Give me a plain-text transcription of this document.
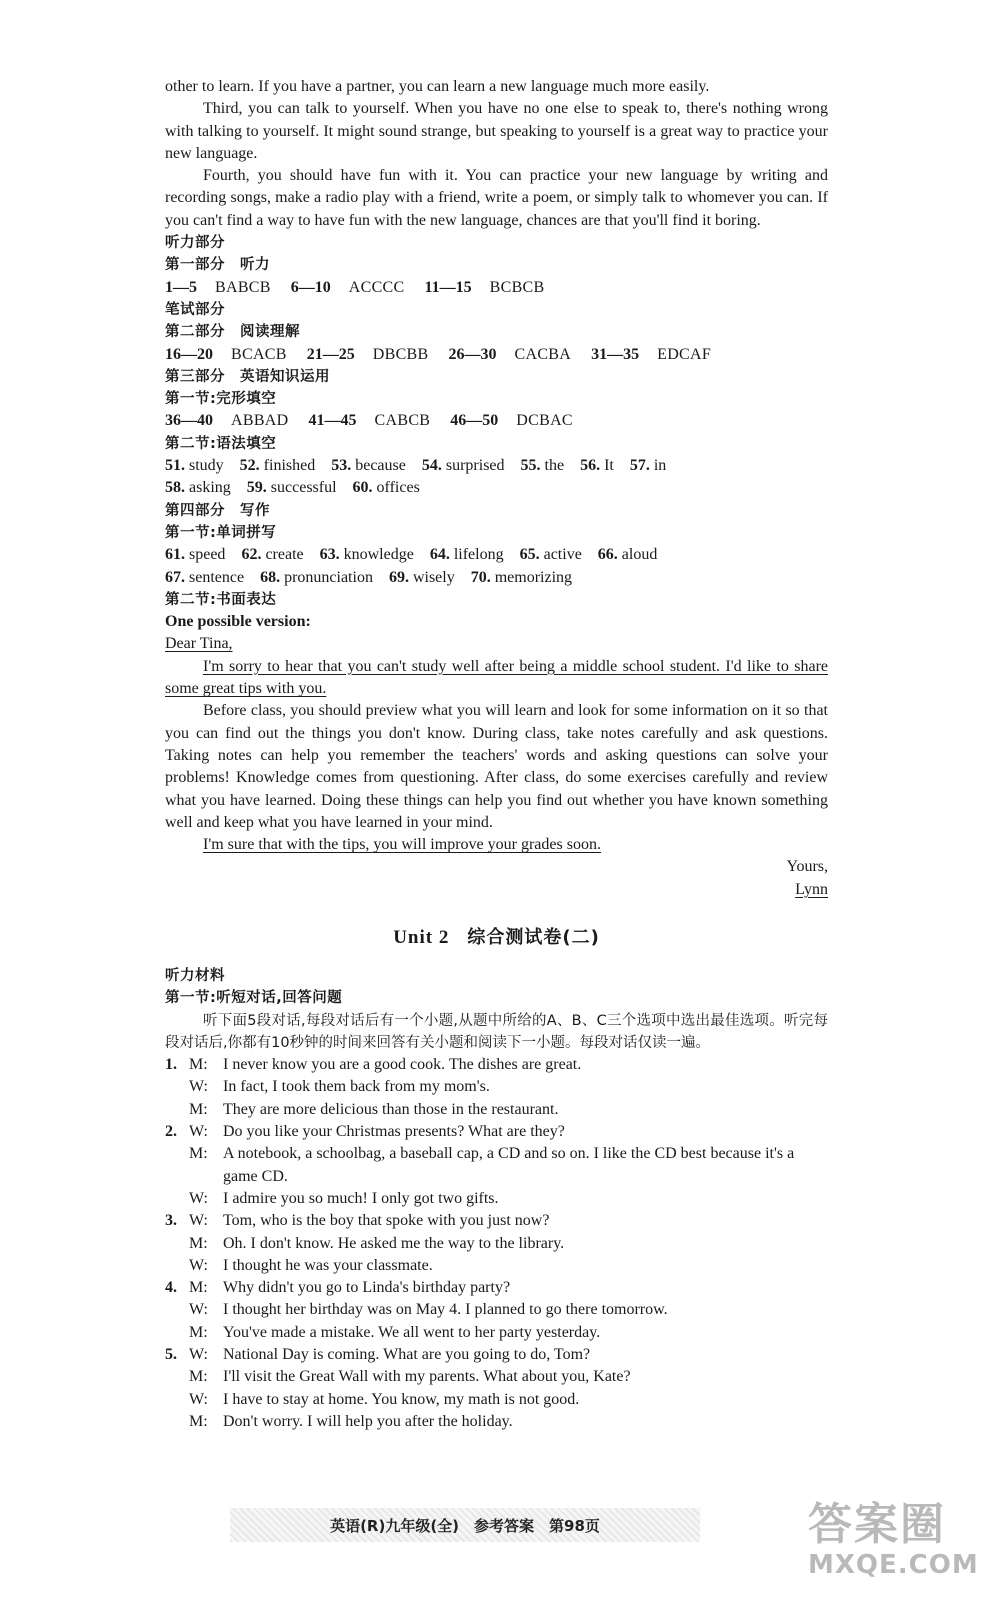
other to learn. If you have a partner, you can learn a new language much more easily.

Third, you can talk to yourself. When you have no one else to speak to, there's nothing wrong with talking to yourself. It might sound strange, but speaking to yourself is a great way to practice your new language.

Fourth, you should have fun with it. You can practice your new language by writing and recording songs, make a radio play with a friend, write a poem, or simply talk to whomever you can. If you can't find a way to have fun with the new language, chances are that you'll find it boring.

听力部分
第一部分　听力
1—5 BABCB 6—10 ACCCC 11—15 BCBCB
笔试部分
第二部分　阅读理解
16—20 BCACB 21—25 DBCBB 26—30 CACBA 31—35 EDCAF
第三部分　英语知识运用
第一节:完形填空
36—40 ABBAD 41—45 CABCB 46—50 DCBAC
第二节:语法填空
51. study 52. finished 53. because 54. surprised 55. the 56. It 57. in
58. asking 59. successful 60. offices
第四部分　写作
第一节:单词拼写
61. speed 62. create 63. knowledge 64. lifelong 65. active 66. aloud
67. sentence 68. pronunciation 69. wisely 70. memorizing
第二节:书面表达
One possible version:

Dear Tina,

I'm sorry to hear that you can't study well after being a middle school student. I'd like to share some great tips with you.

Before class, you should preview what you will learn and look for some information on it so that you can find out the things you don't know. During class, take notes carefully and ask questions. Taking notes can help you remember the teachers' words and asking questions can solve your problems! Knowledge comes from questioning. After class, do some exercises carefully and review what you have learned. Doing these things can help you find out whether you have known something well and keep what you have learned in your mind.

I'm sure that with the tips, you will improve your grades soon.

Yours,

Lynn

Unit 2 综合测试卷(二)
听力材料
第一节:听短对话,回答问题
听下面5段对话,每段对话后有一个小题,从题中所给的A、B、C三个选项中选出最佳选项。听完每段对话后,你都有10秒钟的时间来回答有关小题和阅读下一小题。每段对话仅读一遍。
1. M: I never know you are a good cook. The dishes are great.
W: In fact, I took them back from my mom's.
M: They are more delicious than those in the restaurant.
2. W: Do you like your Christmas presents? What are they?
M: A notebook, a schoolbag, a baseball cap, a CD and so on. I like the CD best because it's a game CD.
W: I admire you so much! I only got two gifts.
3. W: Tom, who is the boy that spoke with you just now?
M: Oh. I don't know. He asked me the way to the library.
W: I thought he was your classmate.
4. M: Why didn't you go to Linda's birthday party?
W: I thought her birthday was on May 4. I planned to go there tomorrow.
M: You've made a mistake. We all went to her party yesterday.
5. W: National Day is coming. What are you going to do, Tom?
M: I'll visit the Great Wall with my parents. What about you, Kate?
W: I have to stay at home. You know, my math is not good.
M: Don't worry. I will help you after the holiday.
英语(R)九年级(全)　参考答案　第98页	答案圈
MXQE.COM
